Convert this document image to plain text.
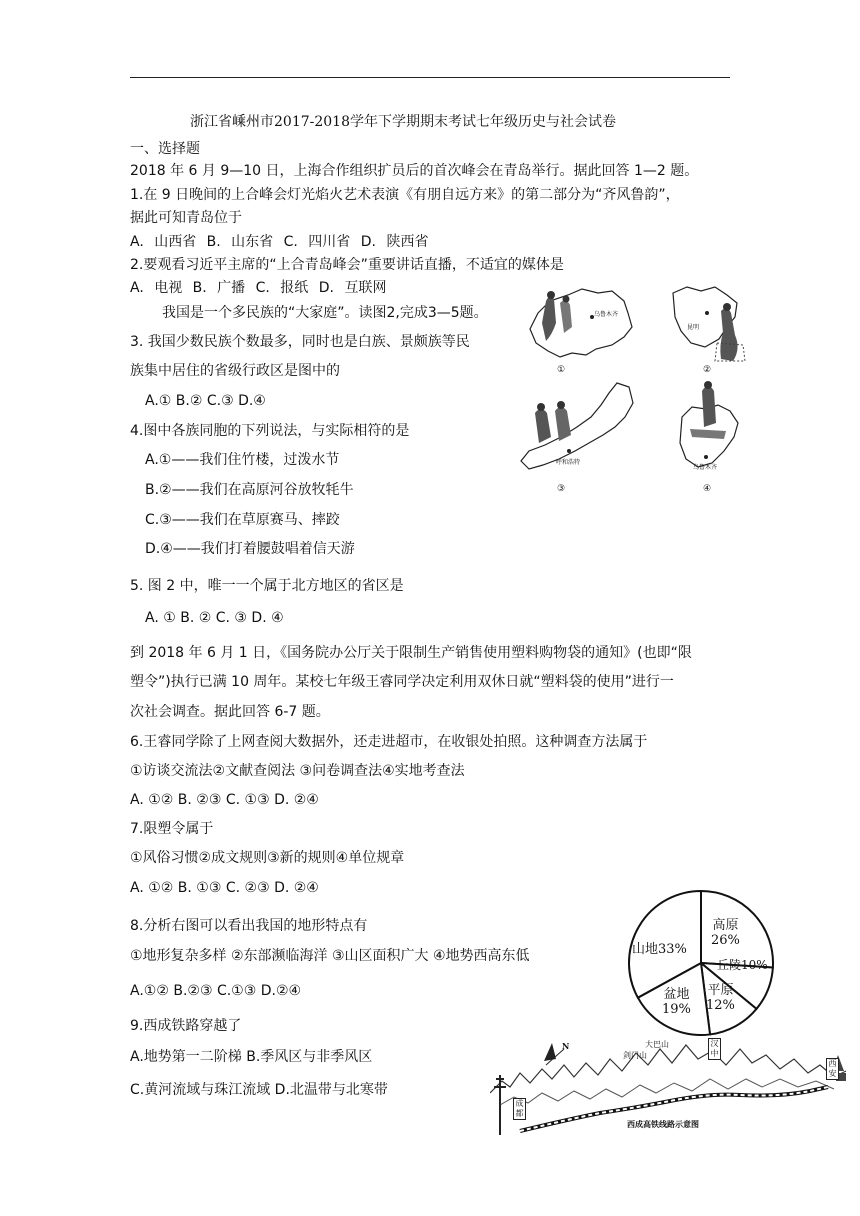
浙江省嵊州市2017-2018学年下学期期末考试七年级历史与社会试卷
一、选择题
2018 年 6 月 9—10 日，上海合作组织扩员后的首次峰会在青岛举行。据此回答 1—2 题。
1.在 9 日晚间的上合峰会灯光焰火艺术表演《有朋自远方来》的第二部分为“齐风鲁韵”，
据此可知青岛位于
A. 山西省 B. 山东省 C. 四川省 D. 陕西省
2.要观看习近平主席的“上合青岛峰会”重要讲话直播，不适宜的媒体是
A. 电视 B. 广播 C. 报纸 D. 互联网
我国是一个多民族的“大家庭”。读图2,完成3—5题。
3. 我国少数民族个数最多，同时也是白族、景颇族等民
族集中居住的省级行政区是图中的
A.① B.② C.③ D.④
4.图中各族同胞的下列说法，与实际相符的是
A.①——我们住竹楼，过泼水节
B.②——我们在高原河谷放牧牦牛
C.③——我们在草原赛马、摔跤
D.④——我们打着腰鼓唱着信天游
5. 图 2 中，唯一一个属于北方地区的省区是
A. ① B. ② C. ③ D. ④
到 2018 年 6 月 1 日，《国务院办公厅关于限制生产销售使用塑料购物袋的通知》(也即“限
塑令”)执行已满 10 周年。某校七年级王睿同学决定利用双休日就“塑料袋的使用”进行一
次社会调查。据此回答 6-7 题。
6.王睿同学除了上网查阅大数据外，还走进超市，在收银处拍照。这种调查方法属于
①访谈交流法②文献查阅法 ③问卷调查法④实地考查法
A. ①② B. ②③ C. ①③ D. ②④
7.限塑令属于
①风俗习惯②成文规则③新的规则④单位规章
A. ①② B. ①③ C. ②③ D. ②④
8.分析右图可以看出我国的地形特点有
①地形复杂多样 ②东部濒临海洋 ③山区面积广大 ④地势西高东低
A.①② B.②③ C.①③ D.②④
9.西成铁路穿越了
A.地势第一二阶梯 B.季风区与非季风区
C.黄河流域与珠江流域 D.北温带与北寒带
乌鲁木齐
①
昆明
②
呼和浩特
③
乌鲁木齐
④
高原
26%
丘陵10%
平原
12%
盆地
19%
山地33%
N	大巴山
剑门山
成都
汉中
西安
西成高铁线路示意图
